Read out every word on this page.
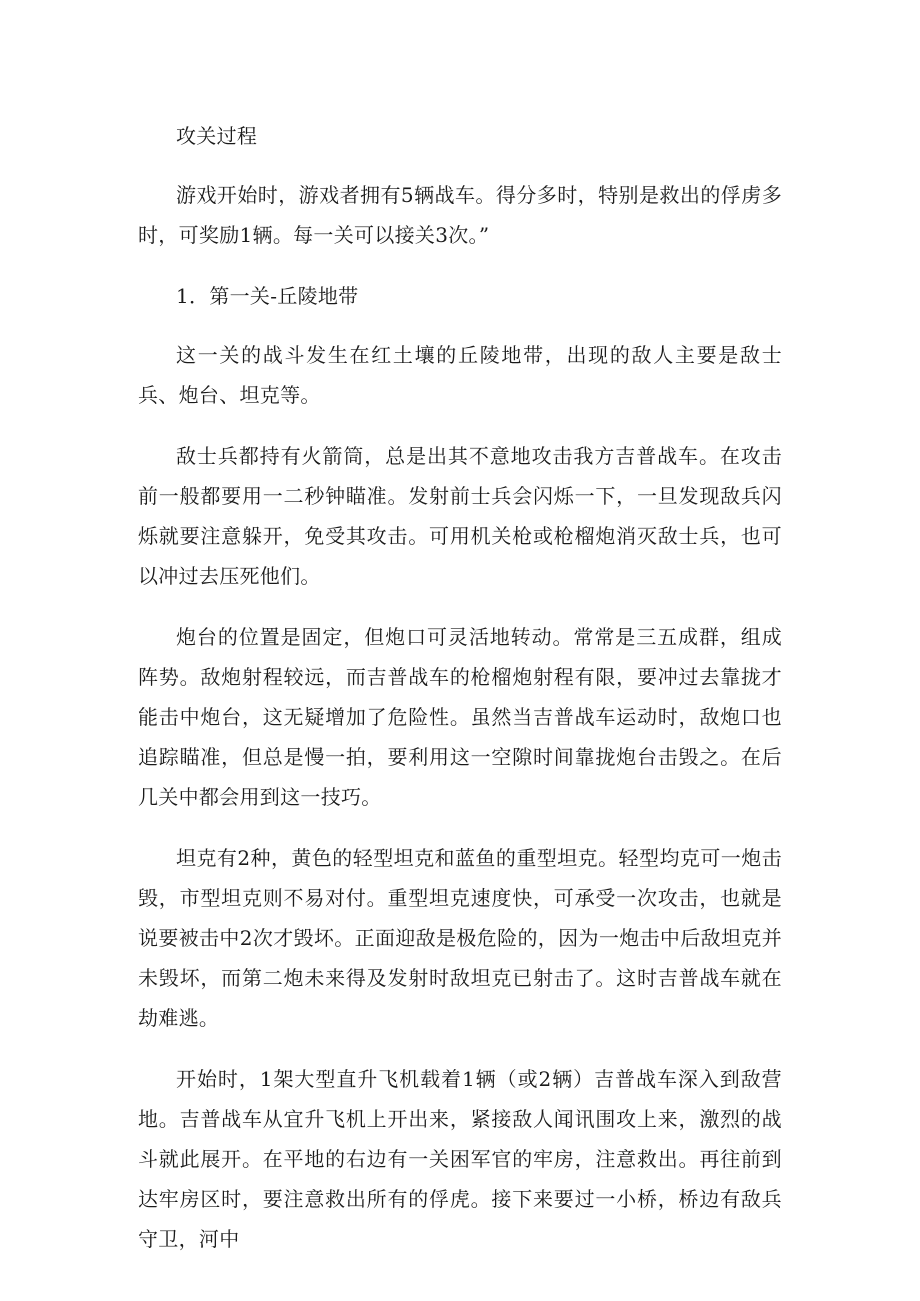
攻关过程

游戏开始时，游戏者拥有5辆战车。得分多时，特别是救出的俘虏多时，可奖励1辆。每一关可以接关3次。”

1．第一关-丘陵地带

这一关的战斗发生在红土壤的丘陵地带，出现的敌人主要是敌士兵、炮台、坦克等。

敌士兵都持有火箭筒，总是出其不意地攻击我方吉普战车。在攻击前一般都要用一二秒钟瞄准。发射前士兵会闪烁一下，一旦发现敌兵闪烁就要注意躲开，免受其攻击。可用机关枪或枪榴炮消灭敌士兵，也可以冲过去压死他们。

炮台的位置是固定，但炮口可灵活地转动。常常是三五成群，组成阵势。敌炮射程较远，而吉普战车的枪榴炮射程有限，要冲过去靠拢才能击中炮台，这无疑增加了危险性。虽然当吉普战车运动时，敌炮口也追踪瞄准，但总是慢一拍，要利用这一空隙时间靠拢炮台击毁之。在后几关中都会用到这一技巧。

坦克有2种，黄色的轻型坦克和蓝鱼的重型坦克。轻型均克可一炮击毁，市型坦克则不易对付。重型坦克速度快，可承受一次攻击，也就是说要被击中2次才毁坏。正面迎敌是极危险的，因为一炮击中后敌坦克并未毁坏，而第二炮未来得及发射时敌坦克已射击了。这时吉普战车就在劫难逃。

开始时，1架大型直升飞机载着1辆（或2辆）吉普战车深入到敌营地。吉普战车从宜升飞机上开出来，紧接敌人闻讯围攻上来，激烈的战斗就此展开。在平地的右边有一关困军官的牢房，注意救出。再往前到达牢房区时，要注意救出所有的俘虎。接下来要过一小桥，桥边有敌兵守卫，河中
